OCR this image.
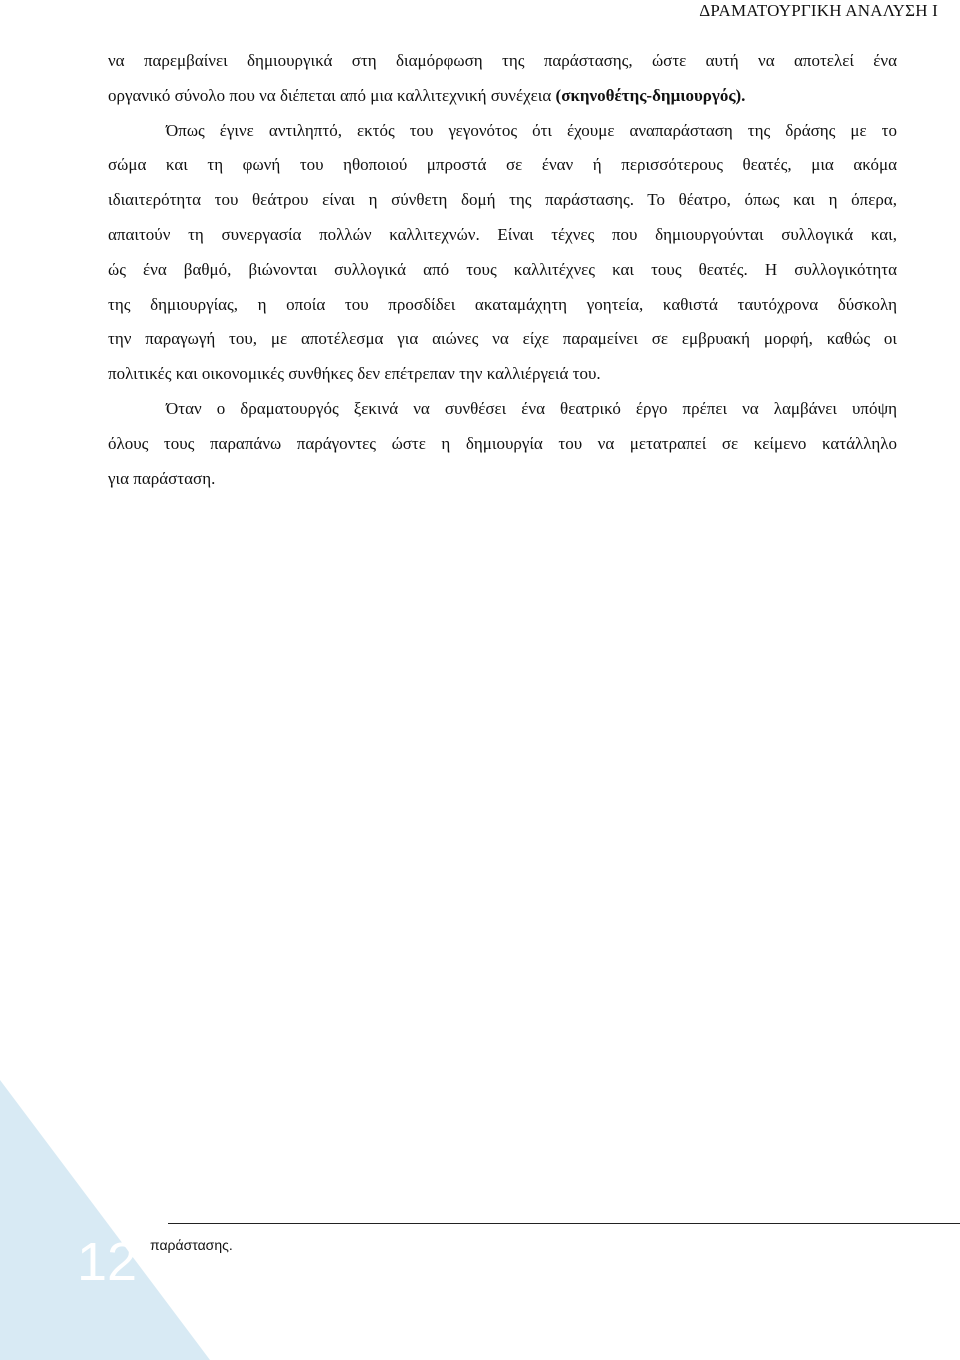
ΔΡΑΜΑΤΟΥΡΓΙΚΗ ΑΝΑΛΥΣΗ Ι
να παρεμβαίνει δημιουργικά στη διαμόρφωση της παράστασης, ώστε αυτή να αποτελεί ένα
οργανικό σύνολο που να διέπεται από μια καλλιτεχνική συνέχεια (σκηνοθέτης-δημιουργός).
Όπως έγινε αντιληπτό, εκτός του γεγονότος ότι έχουμε αναπαράσταση της δράσης με το
σώμα και τη φωνή του ηθοποιού μπροστά σε έναν ή περισσότερους θεατές, μια ακόμα
ιδιαιτερότητα του θεάτρου είναι η σύνθετη δομή της παράστασης. Το θέατρο, όπως και η όπερα,
απαιτούν τη συνεργασία πολλών καλλιτεχνών. Είναι τέχνες που δημιουργούνται συλλογικά και,
ώς ένα βαθμό, βιώνονται συλλογικά από τους καλλιτέχνες και τους θεατές. Η συλλογικότητα
της δημιουργίας, η οποία του προσδίδει ακαταμάχητη γοητεία, καθιστά ταυτόχρονα δύσκολη
την παραγωγή του, με αποτέλεσμα για αιώνες να είχε παραμείνει σε εμβρυακή μορφή, καθώς οι
πολιτικές και οικονομικές συνθήκες δεν επέτρεπαν την καλλιέργειά του.
Όταν ο δραματουργός ξεκινά να συνθέσει ένα θεατρικό έργο πρέπει να λαμβάνει υπόψη
όλους τους παραπάνω παράγοντες ώστε η δημιουργία του να μετατραπεί σε κείμενο κατάλληλο
για παράσταση.
12 παράστασης.
